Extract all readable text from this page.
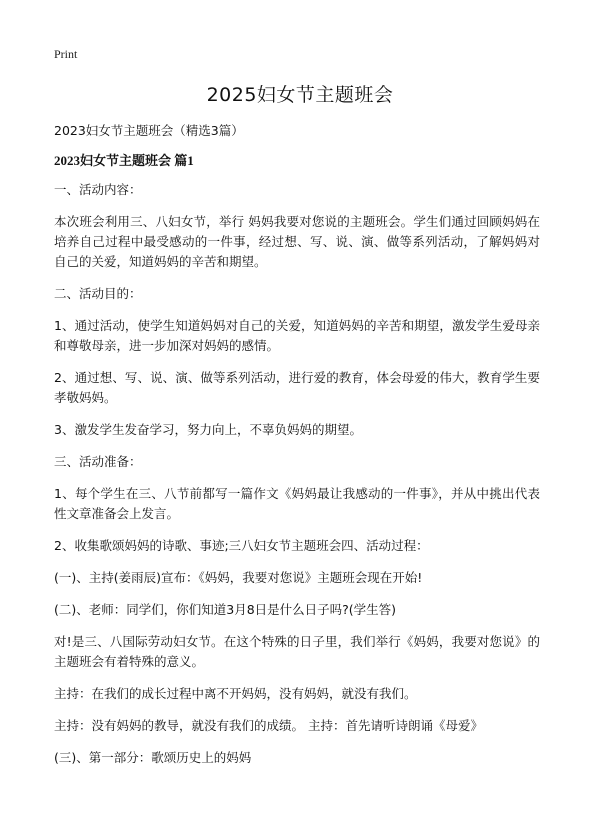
Print
2025妇女节主题班会
2023妇女节主题班会（精选3篇）
2023妇女节主题班会 篇1

一、活动内容：

本次班会利用三、八妇女节，举行 妈妈我要对您说的主题班会。学生们通过回顾妈妈在培养自己过程中最受感动的一件事，经过想、写、说、演、做等系列活动，了解妈妈对自己的关爱，知道妈妈的辛苦和期望。

二、活动目的：

1、通过活动，使学生知道妈妈对自己的关爱，知道妈妈的辛苦和期望，激发学生爱母亲和尊敬母亲，进一步加深对妈妈的感情。

2、通过想、写、说、演、做等系列活动，进行爱的教育，体会母爱的伟大，教育学生要孝敬妈妈。

3、激发学生发奋学习，努力向上，不辜负妈妈的期望。

三、活动准备：

1、每个学生在三、八节前都写一篇作文《妈妈最让我感动的一件事》，并从中挑出代表性文章准备会上发言。

2、收集歌颂妈妈的诗歌、事迹;三八妇女节主题班会四、活动过程：

(一)、主持(姜雨辰)宣布：《妈妈，我要对您说》主题班会现在开始!

(二)、老师：同学们，你们知道3月8日是什么日子吗?(学生答)

对!是三、八国际劳动妇女节。在这个特殊的日子里，我们举行《妈妈，我要对您说》的主题班会有着特殊的意义。

主持：在我们的成长过程中离不开妈妈，没有妈妈，就没有我们。

主持：没有妈妈的教导，就没有我们的成绩。 主持：首先请听诗朗诵《母爱》

(三)、第一部分：歌颂历史上的妈妈
